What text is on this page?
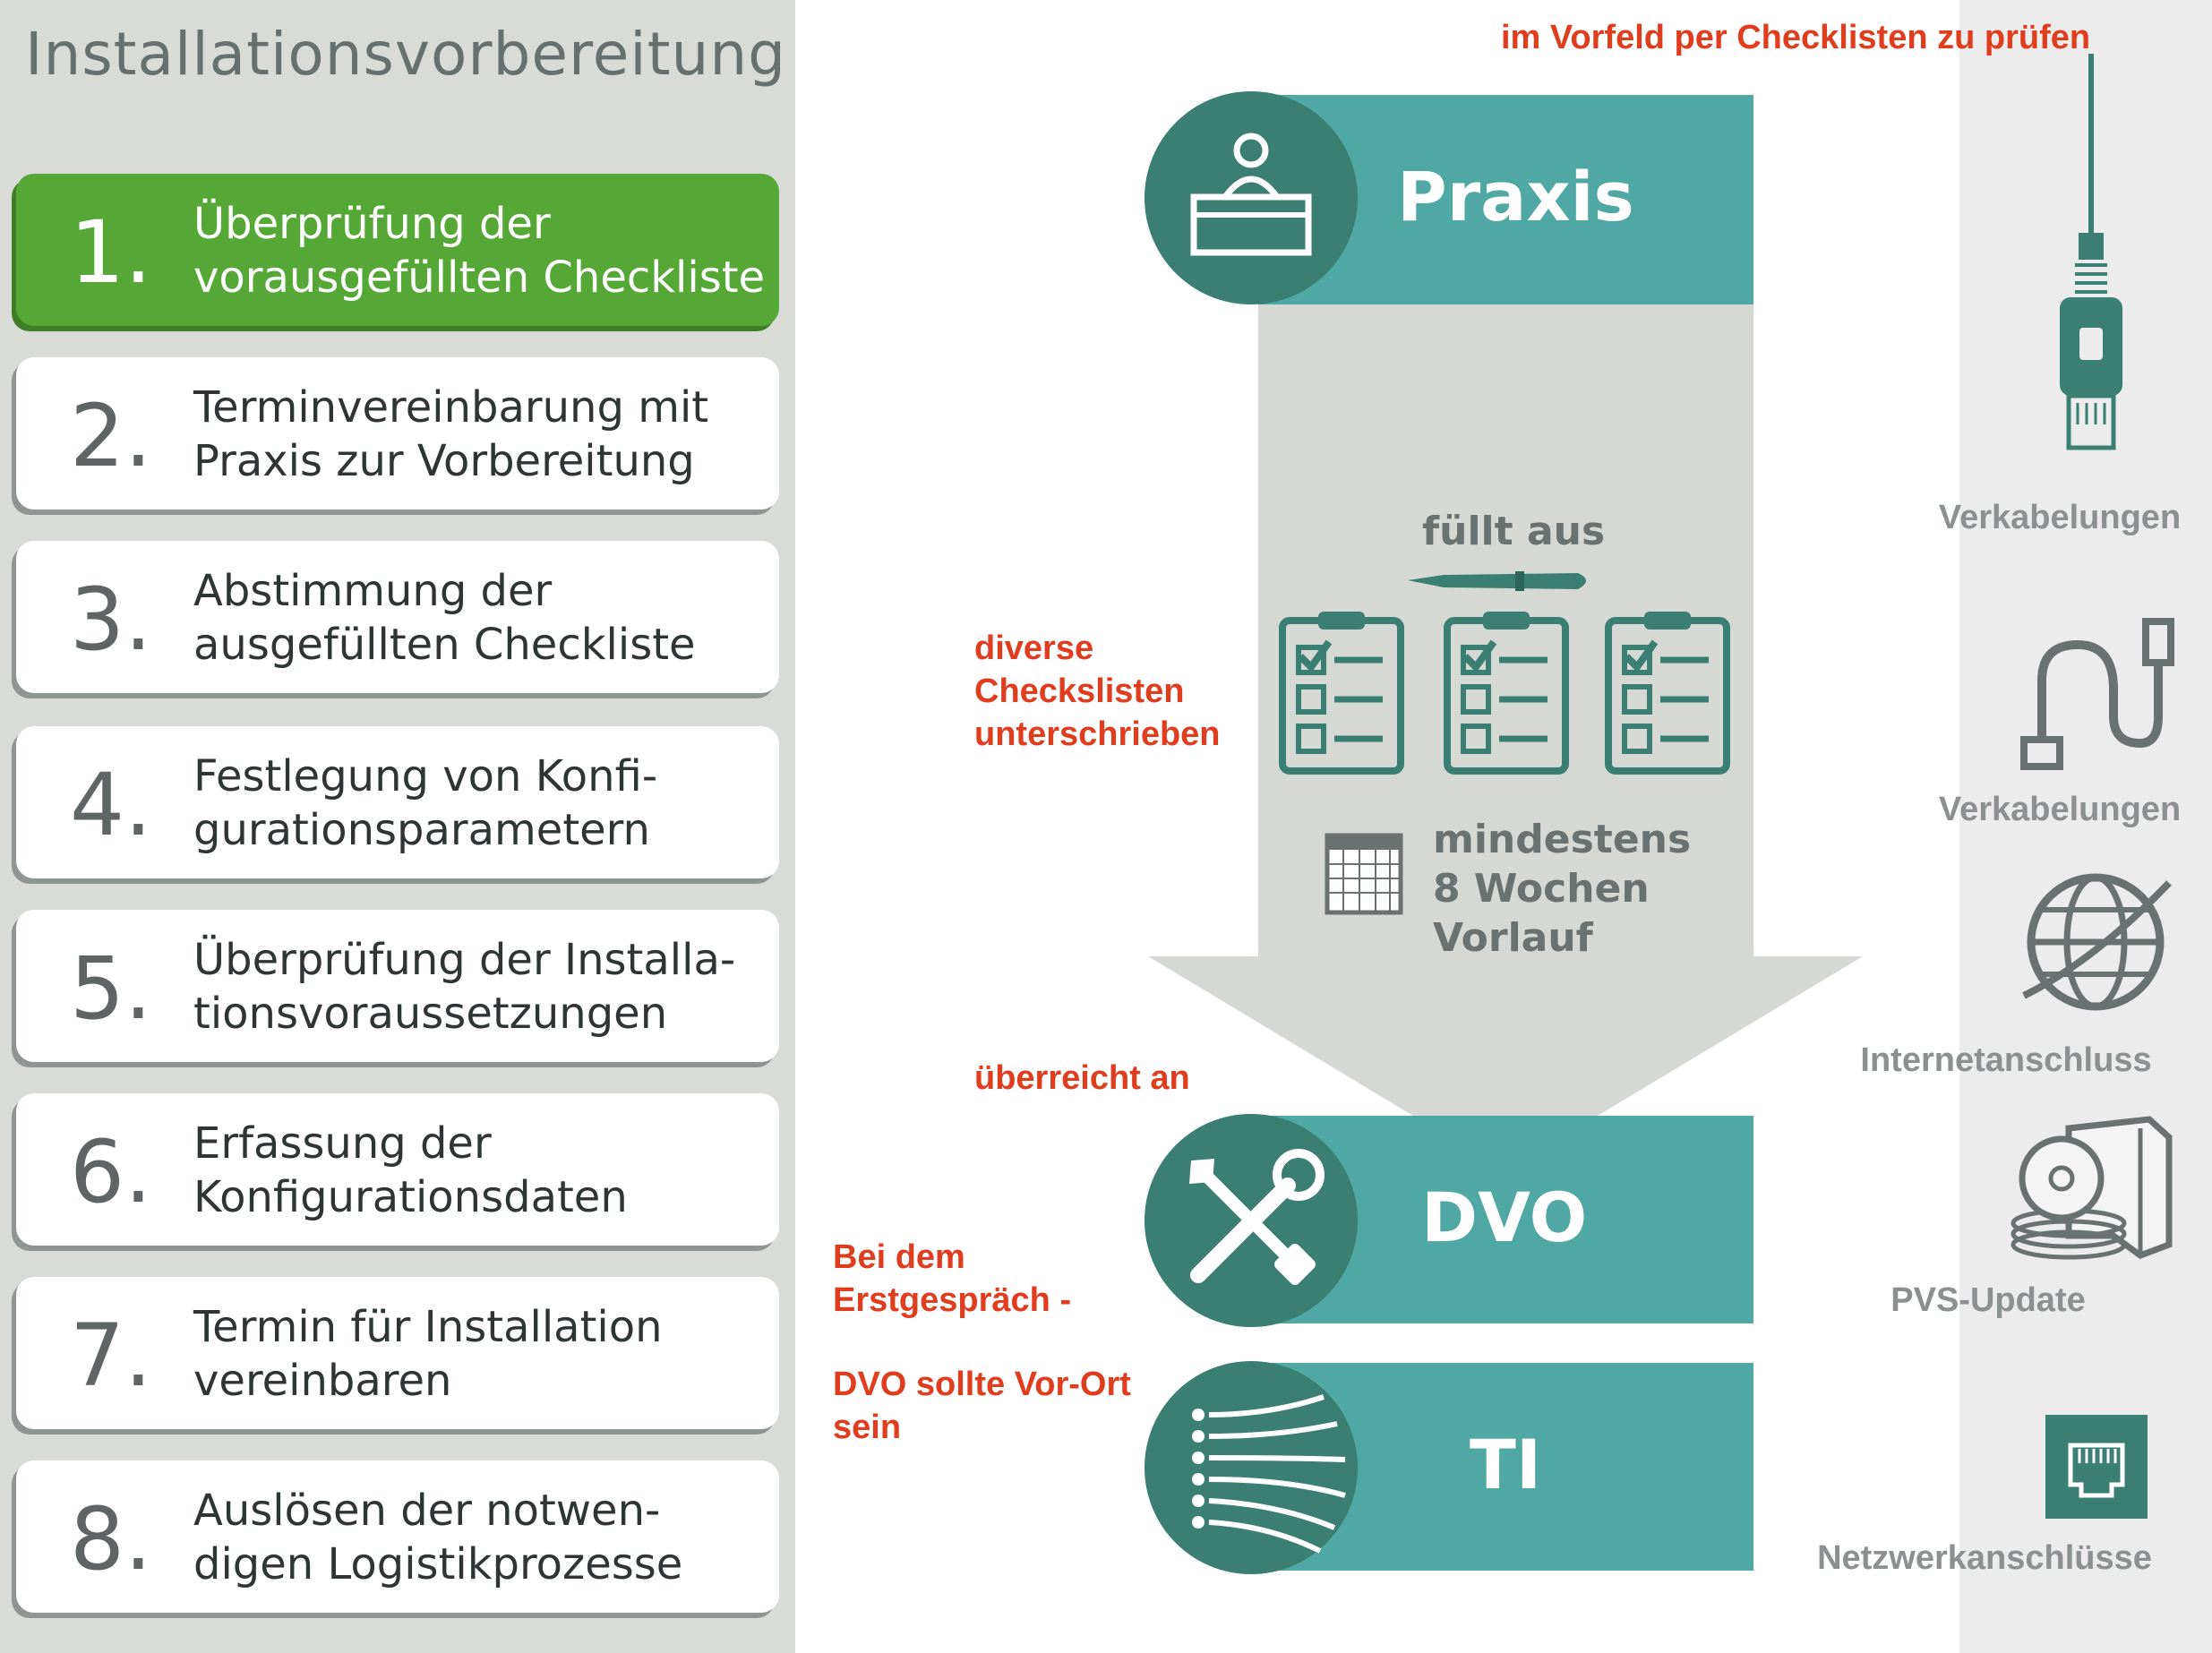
Installationsvorbereitung
1. Überprüfung der
vorausgefüllten Checkliste
2. Terminvereinbarung mit
Praxis zur Vorbereitung
3. Abstimmung der
ausgefüllten Checkliste
4. Festlegung von Konfi-
gurationsparametern
5. Überprüfung der Installa-
tionsvoraussetzungen
6. Erfassung der
Konfigurationsdaten
7. Termin für Installation
vereinbaren
8. Auslösen der notwen-
digen Logistikprozesse
im Vorfeld per Checklisten zu prüfen
Praxis
füllt aus
mindestens
8 Wochen
Vorlauf
diverse
Checkslisten
unterschrieben
überreicht an
Bei dem
Erstgespräch -
DVO sollte Vor-Ort
sein
DVO
TI
Verkabelungen
Verkabelungen
Internetanschluss
PVS-Update
Netzwerkanschlüsse
